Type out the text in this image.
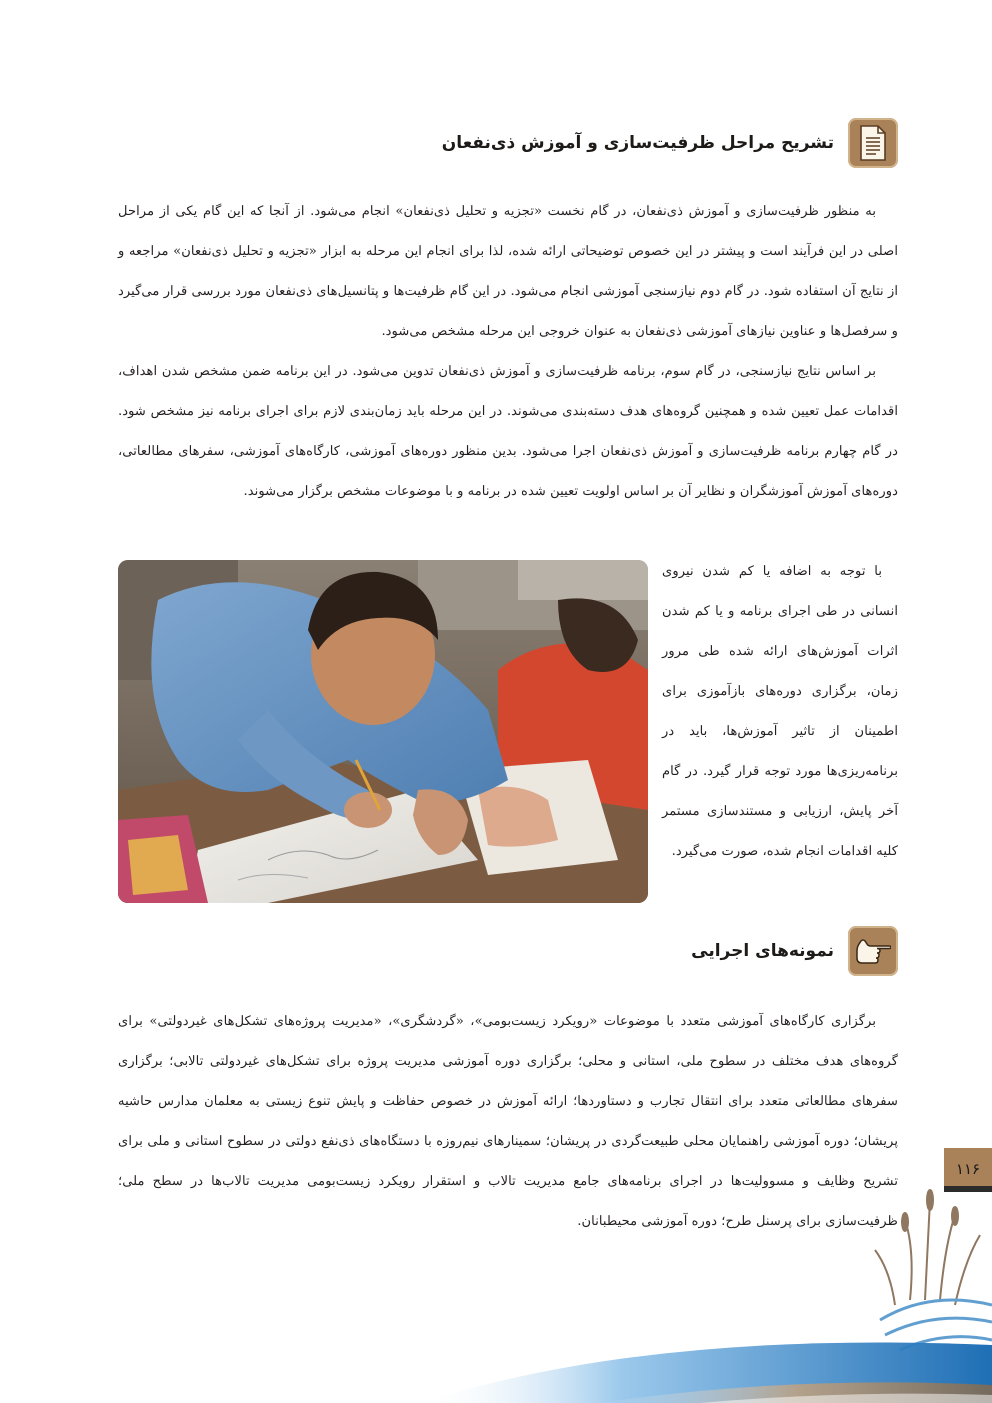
تشریح مراحل ظرفیت‌سازی و آموزش ذی‌نفعان

به منظور ظرفیت‌سازی و آموزش ذی‌نفعان، در گام نخست «تجزیه و تحلیل ذی‌نفعان» انجام می‌شود. از آنجا که این گام یکی از مراحل اصلی در این فرآیند است و پیشتر در این خصوص توضیحاتی ارائه شده، لذا برای انجام این مرحله به ابزار «تجزیه و تحلیل ذی‌نفعان» مراجعه و از نتایج آن استفاده شود. در گام دوم نیازسنجی آموزشی انجام می‌شود. در این گام ظرفیت‌ها و پتانسیل‌های ذی‌نفعان مورد بررسی قرار می‌گیرد و سرفصل‌ها و عناوین نیازهای آموزشی ذی‌نفعان به عنوان خروجی این مرحله مشخص می‌شود.

بر اساس نتایج نیازسنجی، در گام سوم، برنامه ظرفیت‌سازی و آموزش ذی‌نفعان تدوین می‌شود. در این برنامه ضمن مشخص شدن اهداف، اقدامات عمل تعیین شده و همچنین گروه‌های هدف دسته‌بندی می‌شوند. در این مرحله باید زمان‌بندی لازم برای اجرای برنامه نیز مشخص شود. در گام چهارم برنامه ظرفیت‌سازی و آموزش ذی‌نفعان اجرا می‌شود. بدین منظور دوره‌های آموزشی، کارگاه‌های آموزشی، سفرهای مطالعاتی، دوره‌های آموزش آموزشگران و نظایر آن بر اساس اولویت تعیین شده در برنامه و با موضوعات مشخص برگزار می‌شوند.

با توجه به اضافه یا کم شدن نیروی انسانی در طی اجرای برنامه و یا کم شدن اثرات آموزش‌های ارائه شده طی مرور زمان، برگزاری دوره‌های بازآموزی برای اطمینان از تاثیر آموزش‌ها، باید در برنامه‌ریزی‌ها مورد توجه قرار گیرد. در گام آخر پایش، ارزیابی و مستندسازی مستمر کلیه اقدامات انجام شده، صورت می‌گیرد.

نمونه‌های اجرایی

برگزاری کارگاه‌های آموزشی متعدد با موضوعات «رویکرد زیست‌بومی»، «گردشگری»، «مدیریت پروژه‌های تشکل‌های غیردولتی» برای گروه‌های هدف مختلف در سطوح ملی، استانی و محلی؛ برگزاری دوره آموزشی مدیریت پروژه برای تشکل‌های غیردولتی تالابی؛ برگزاری سفرهای مطالعاتی متعدد برای انتقال تجارب و دستاوردها؛ ارائه آموزش در خصوص حفاظت و پایش تنوع زیستی به معلمان مدارس حاشیه پریشان؛ دوره آموزشی راهنمایان محلی طبیعت‌گردی در پریشان؛ سمینارهای نیم‌روزه با دستگاه‌های ذی‌نفع دولتی در سطوح استانی و ملی برای تشریح وظایف و مسوولیت‌ها در اجرای برنامه‌های جامع مدیریت تالاب و استقرار رویکرد زیست‌بومی مدیریت تالاب‌ها در سطح ملی؛ ظرفیت‌سازی برای پرسنل طرح؛ دوره آموزشی محیطبانان.

۱۱۶
